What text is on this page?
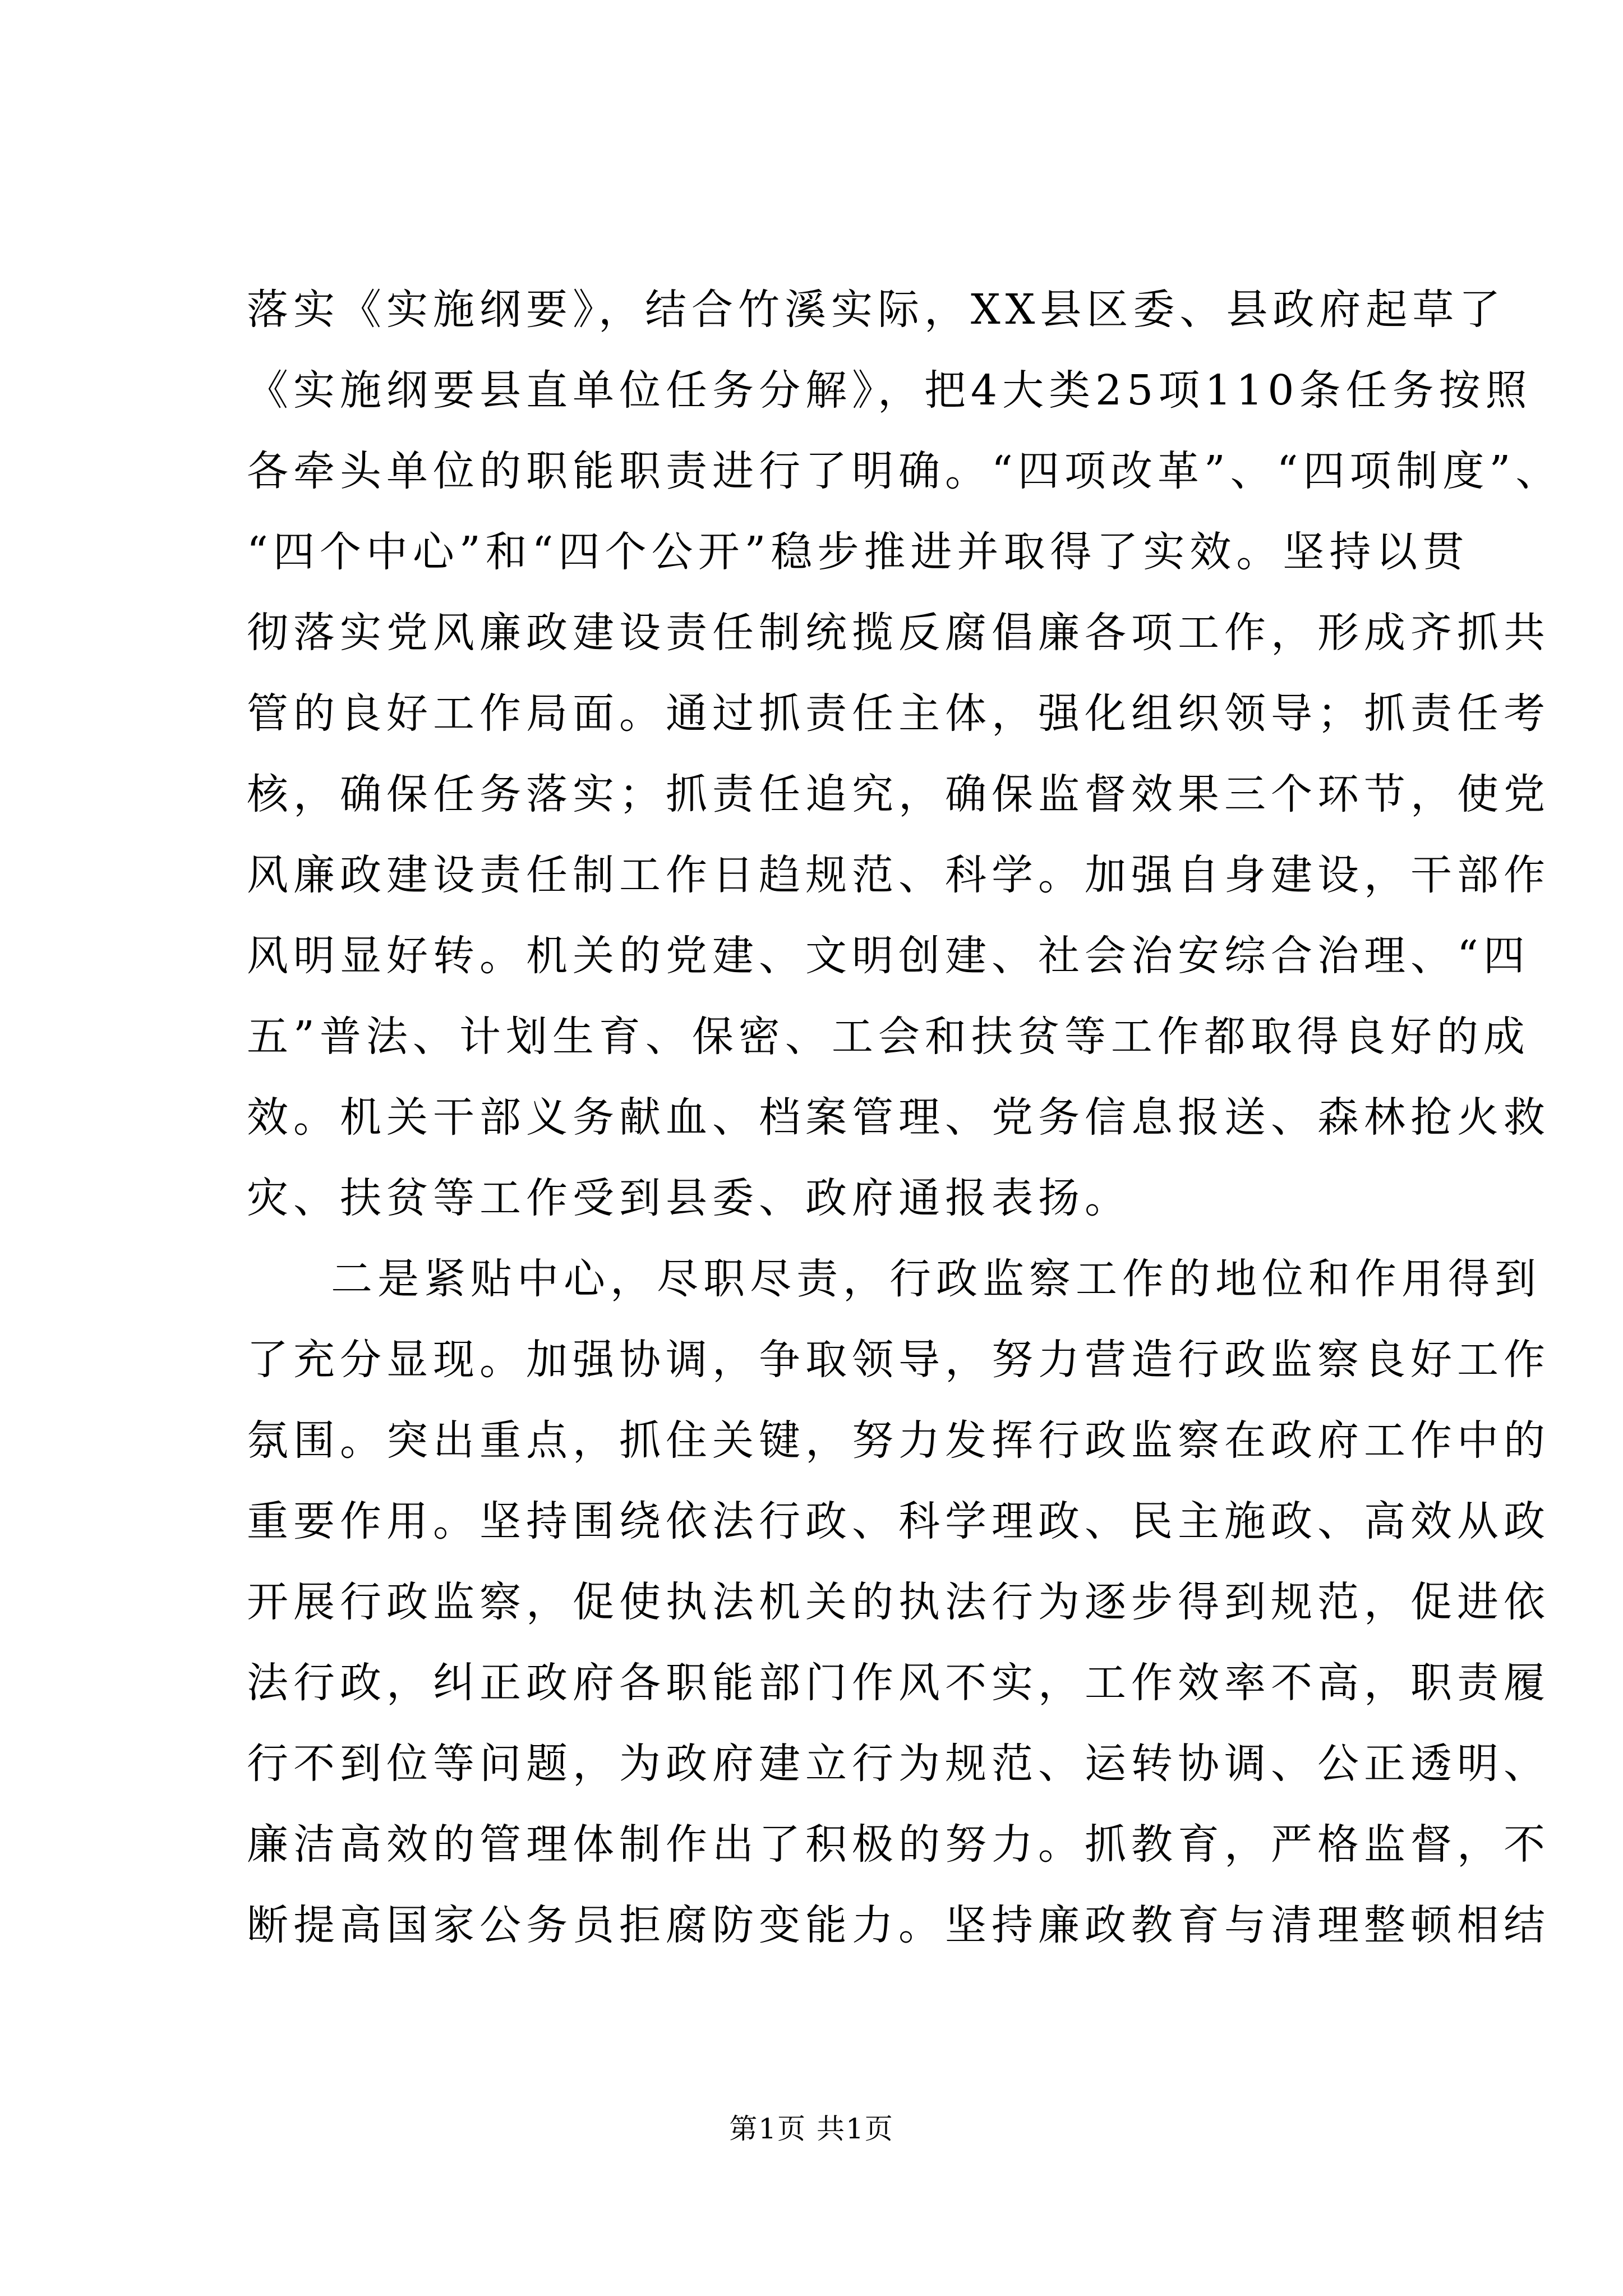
落实《实施纲要》，结合竹溪实际，XX县区委、县政府起草了
《实施纲要县直单位任务分解》，把4大类25项110条任务按照
各牵头单位的职能职责进行了明确。“四项改革”、“四项制度”、
“四个中心”和“四个公开”稳步推进并取得了实效。坚持以贯
彻落实党风廉政建设责任制统揽反腐倡廉各项工作，形成齐抓共
管的良好工作局面。通过抓责任主体，强化组织领导；抓责任考
核，确保任务落实；抓责任追究，确保监督效果三个环节，使党
风廉政建设责任制工作日趋规范、科学。加强自身建设，干部作
风明显好转。机关的党建、文明创建、社会治安综合治理、“四
五”普法、计划生育、保密、工会和扶贫等工作都取得良好的成
效。机关干部义务献血、档案管理、党务信息报送、森林抢火救
灾、扶贫等工作受到县委、政府通报表扬。
二是紧贴中心，尽职尽责，行政监察工作的地位和作用得到
了充分显现。加强协调，争取领导，努力营造行政监察良好工作
氛围。突出重点，抓住关键，努力发挥行政监察在政府工作中的
重要作用。坚持围绕依法行政、科学理政、民主施政、高效从政
开展行政监察，促使执法机关的执法行为逐步得到规范，促进依
法行政，纠正政府各职能部门作风不实，工作效率不高，职责履
行不到位等问题，为政府建立行为规范、运转协调、公正透明、
廉洁高效的管理体制作出了积极的努力。抓教育，严格监督，不
断提高国家公务员拒腐防变能力。坚持廉政教育与清理整顿相结
第1页 共1页
